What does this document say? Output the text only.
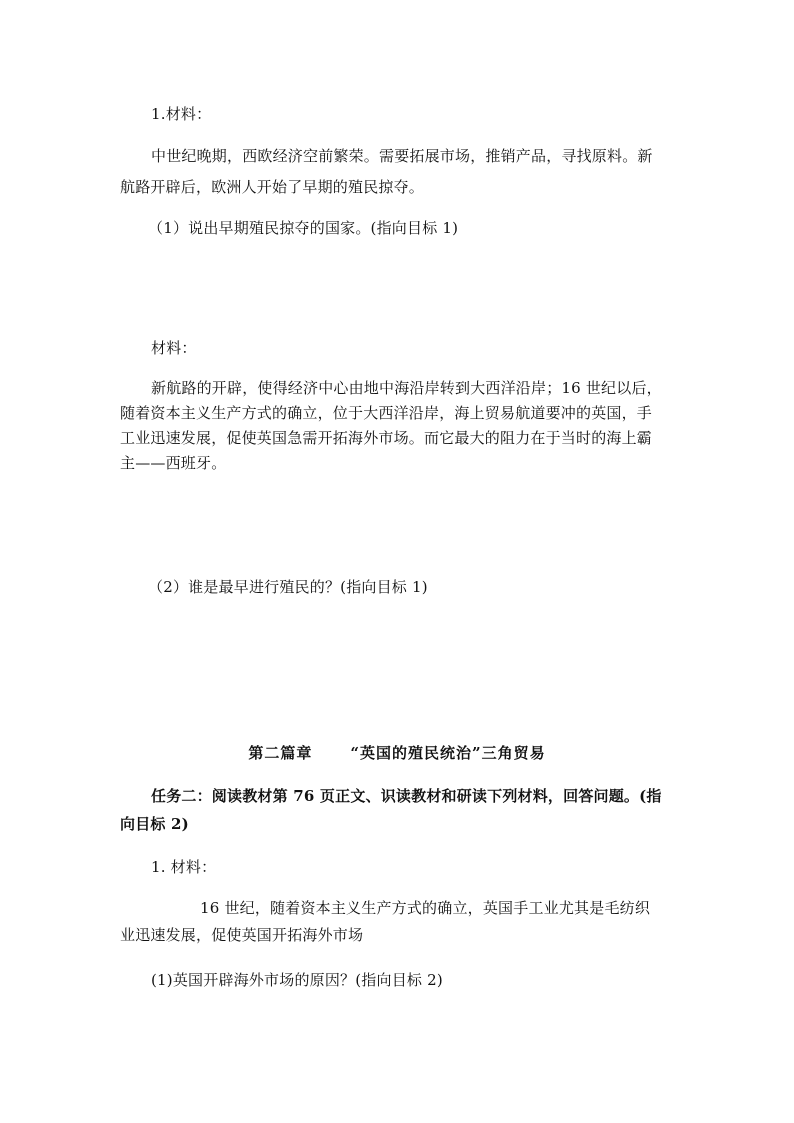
1.材料：
中世纪晚期，西欧经济空前繁荣。需要拓展市场，推销产品，寻找原料。新
航路开辟后，欧洲人开始了早期的殖民掠夺。
（1）说出早期殖民掠夺的国家。(指向目标 1)
材料：
新航路的开辟，使得经济中心由地中海沿岸转到大西洋沿岸；16 世纪以后，
随着资本主义生产方式的确立，位于大西洋沿岸，海上贸易航道要冲的英国，手
工业迅速发展，促使英国急需开拓海外市场。而它最大的阻力在于当时的海上霸
主——西班牙。
（2）谁是最早进行殖民的？(指向目标 1)
第二篇章	“英国的殖民统治”三角贸易
任务二：阅读教材第 76 页正文、识读教材和研读下列材料，回答问题。(指
向目标 2)
1. 材料：
16 世纪，随着资本主义生产方式的确立，英国手工业尤其是毛纺织
业迅速发展，促使英国开拓海外市场
(1)英国开辟海外市场的原因？(指向目标 2)
